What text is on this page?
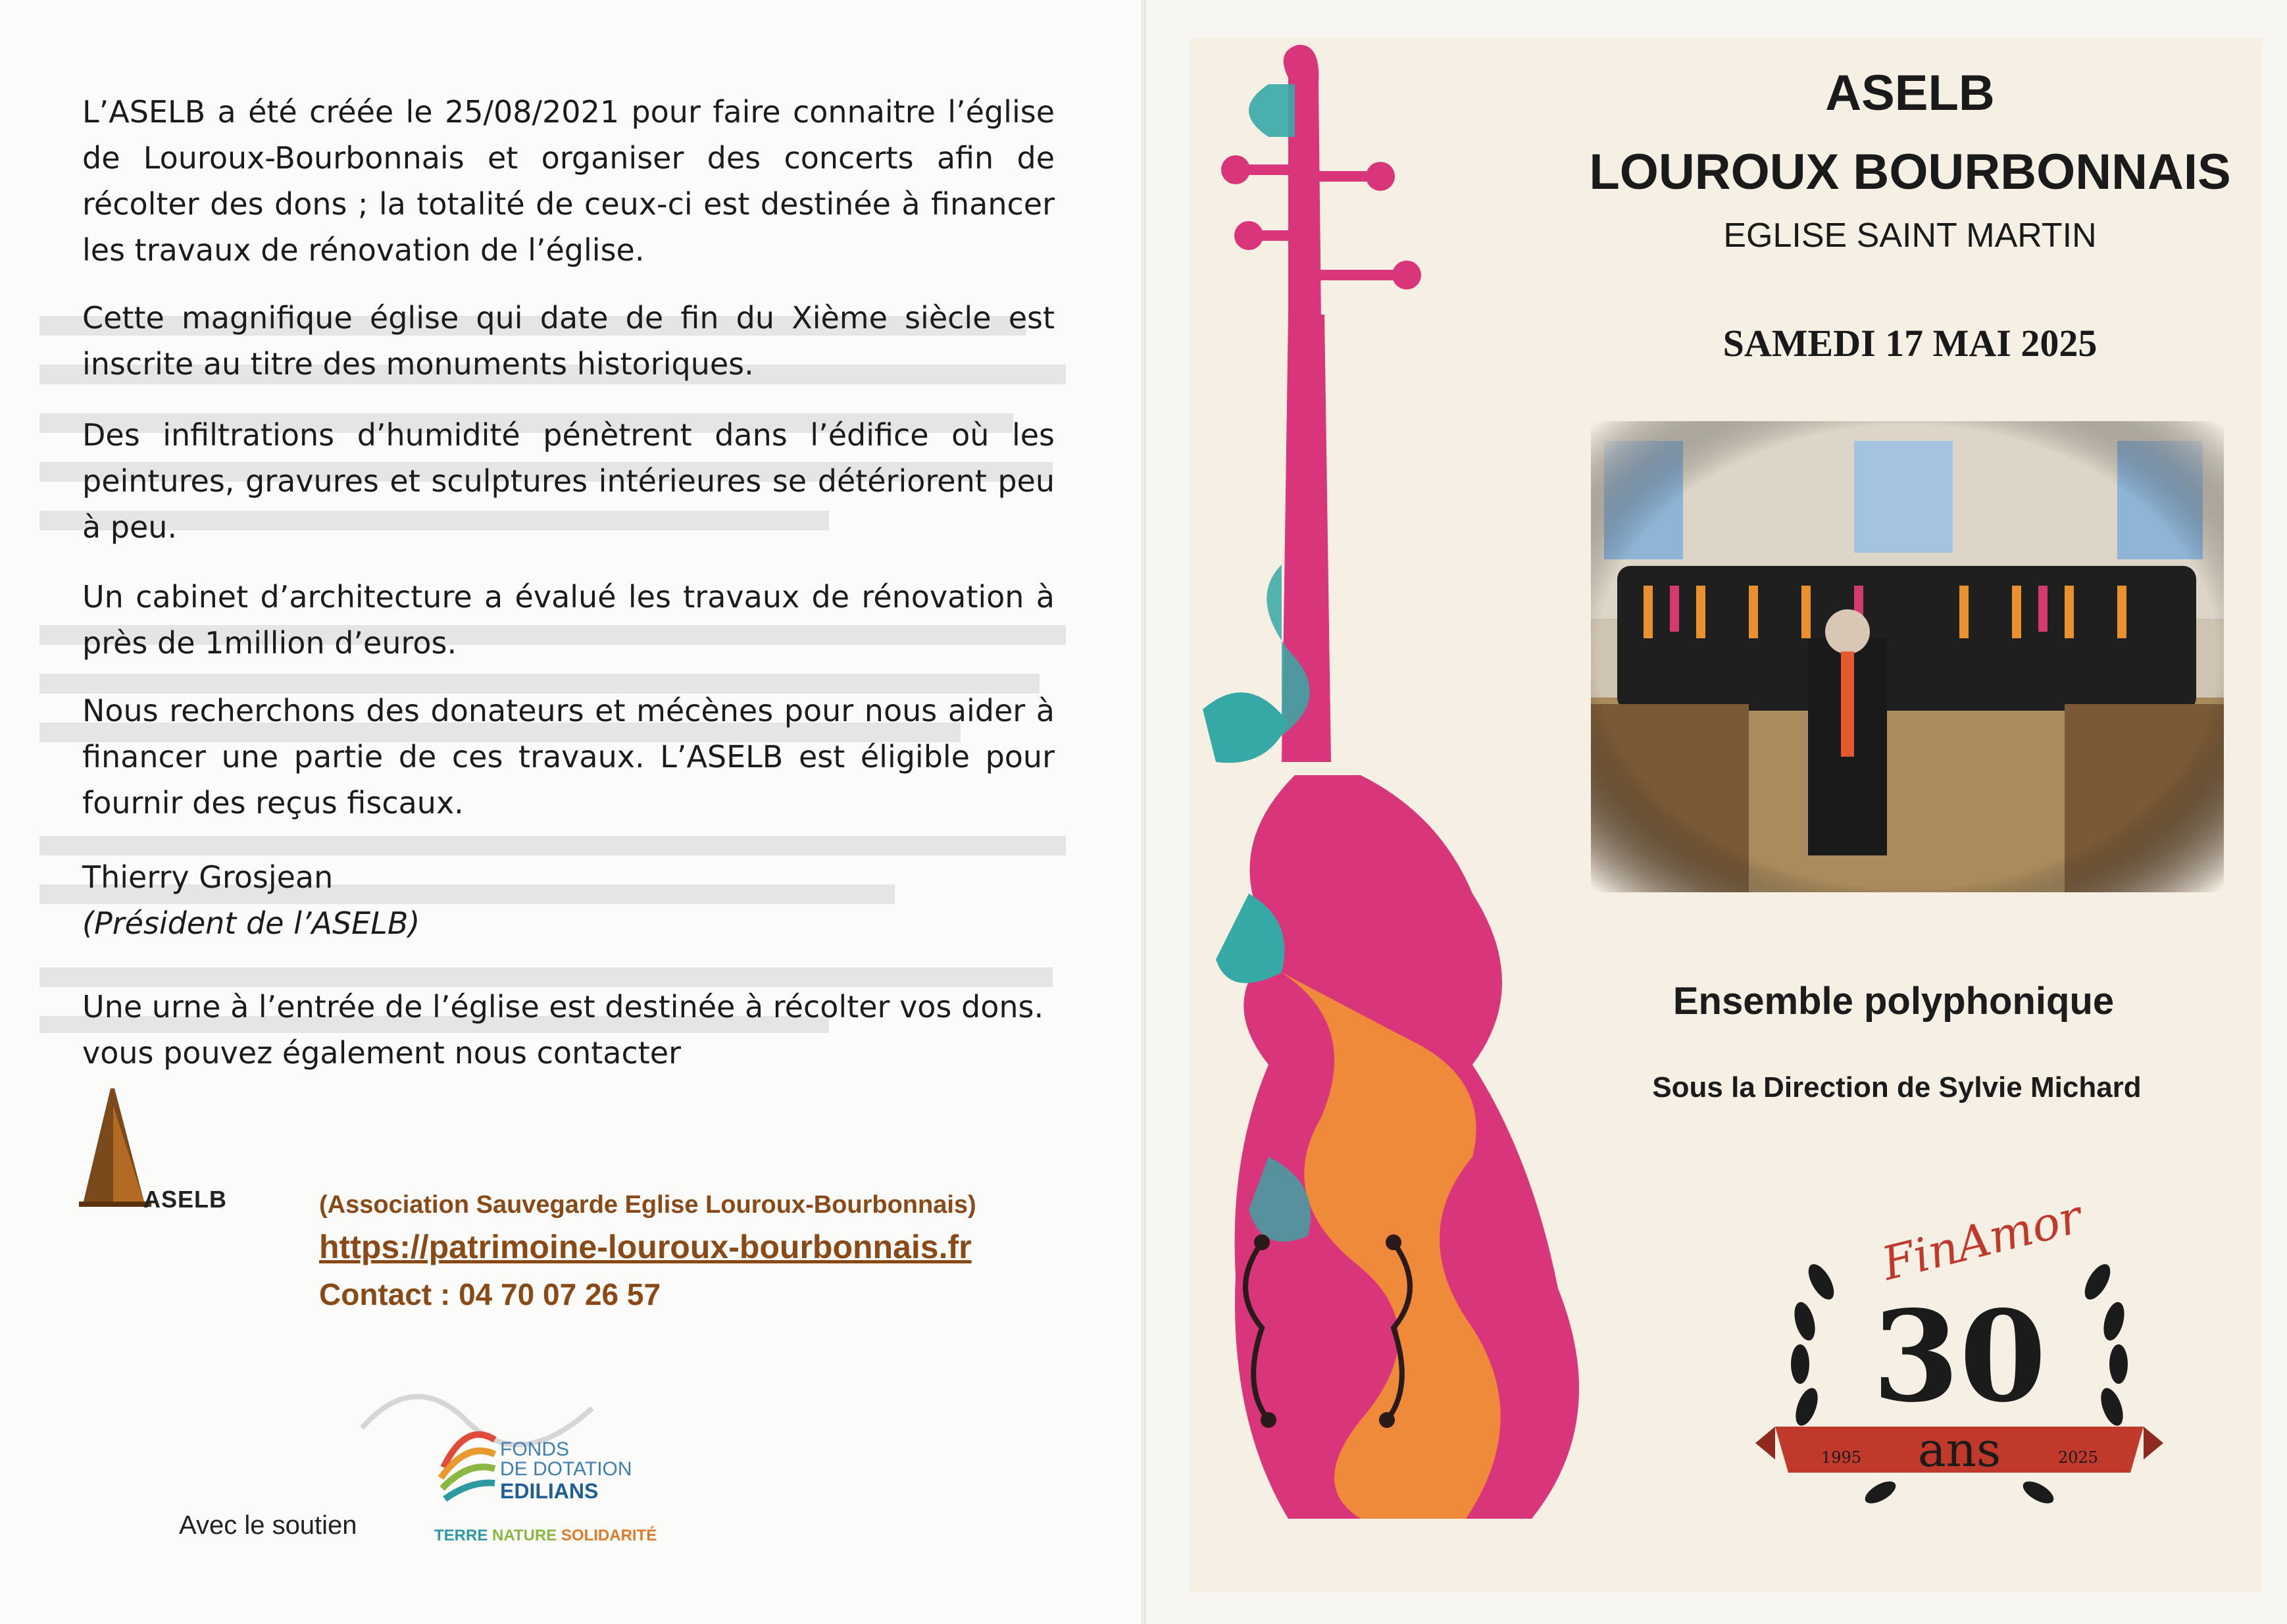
L’ASELB a été créée le 25/08/2021 pour faire connaitre l’église de Louroux-Bourbonnais et organiser des concerts afin de récolter des dons ; la totalité de ceux-ci est destinée à financer les travaux de rénovation de l’église.

Cette magnifique église qui date de fin du Xième siècle est inscrite au titre des monuments historiques.

Des infiltrations d’humidité pénètrent dans l’édifice où les peintures, gravures et sculptures intérieures se détériorent peu à peu.

Un cabinet d’architecture a évalué les travaux de rénovation à près de 1million d’euros.

Nous recherchons des donateurs et mécènes pour nous aider à financer une partie de ces travaux. L’ASELB est éligible pour fournir des reçus fiscaux.

Thierry Grosjean
(Président de l’ASELB)

Une urne à l’entrée de l’église est destinée à récolter vos dons. vous pouvez également nous contacter

ASELB	(Association Sauvegarde Eglise Louroux-Bourbonnais)
https://patrimoine-louroux-bourbonnais.fr
Contact : 04 70 07 26 57
Avec le soutien
FONDS
DE DOTATION
EDILIANS
TERRE NATURE SOLIDARITÉ
ASELB
LOUROUX BOURBONNAIS
EGLISE SAINT MARTIN
SAMEDI 17 MAI 2025
Ensemble polyphonique
Sous la Direction de Sylvie Michard
FinAmor
30
ans
1995	2025
